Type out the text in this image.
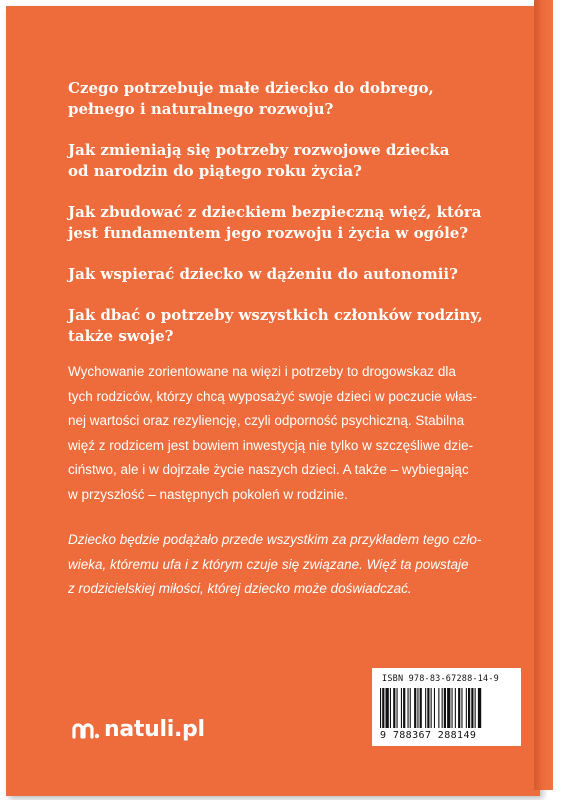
Czego potrzebuje małe dziecko do dobrego,
pełnego i naturalnego rozwoju?

Jak zmieniają się potrzeby rozwojowe dziecka
od narodzin do piątego roku życia?

Jak zbudować z dzieckiem bezpieczną więź, która
jest fundamentem jego rozwoju i życia w ogóle?

Jak wspierać dziecko w dążeniu do autonomii?

Jak dbać o potrzeby wszystkich członków rodziny,
także swoje?

Wychowanie zorientowane na więzi i potrzeby to drogowskaz dla
tych rodziców, którzy chcą wyposażyć swoje dzieci w poczucie włas-
nej wartości oraz rezyliencję, czyli odporność psychiczną. Stabilna
więź z rodzicem jest bowiem inwestycją nie tylko w szczęśliwe dzie-
ciństwo, ale i w dojrzałe życie naszych dzieci. A także – wybiegając
w przyszłość – następnych pokoleń w rodzinie.

Dziecko będzie podążało przede wszystkim za przykładem tego czło-
wieka, któremu ufa i z którym czuje się związane. Więź ta powstaje
z rodzicielskiej miłości, której dziecko może doświadczać.

natuli.pl
ISBN 978-83-67288-14-9
9 788367 288149
